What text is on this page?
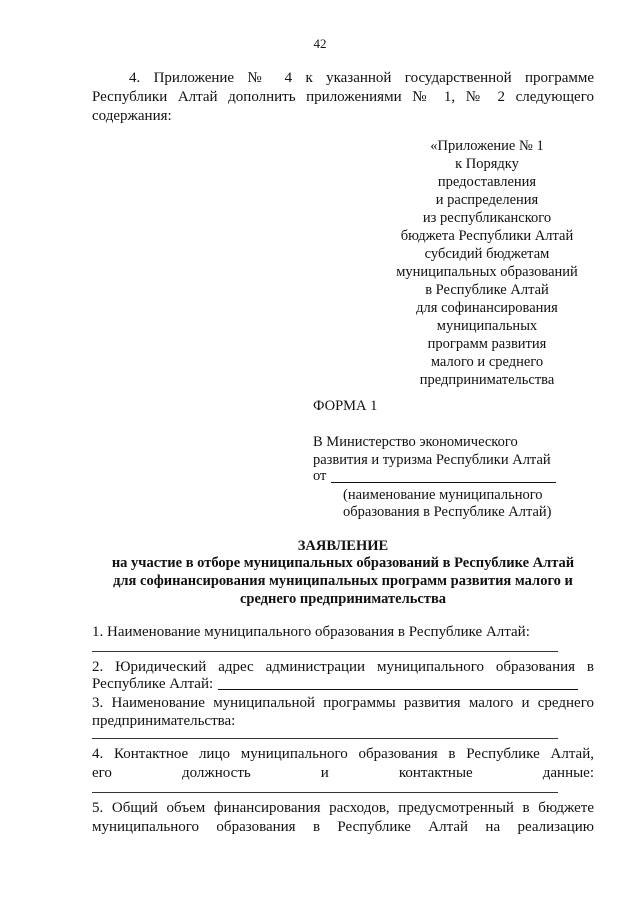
42
4. Приложение № 4 к указанной государственной программе
Республики Алтай дополнить приложениями № 1, № 2 следующего
содержания:
«Приложение № 1
к Порядку
предоставления
и распределения
из республиканского
бюджета Республики Алтай
субсидий бюджетам
муниципальных образований
в Республике Алтай
для софинансирования
муниципальных
программ развития
малого и среднего
предпринимательства
ФОРМА 1
В Министерство экономического
развития и туризма Республики Алтай
от
(наименование муниципального
образования в Республике Алтай)
ЗАЯВЛЕНИЕ
на участие в отборе муниципальных образований в Республике Алтай
для софинансирования муниципальных программ развития малого и
среднего предпринимательства
1. Наименование муниципального образования в Республике Алтай:
2. Юридический адрес администрации муниципального образования в
Республике Алтай:
3. Наименование муниципальной программы развития малого и среднего
предпринимательства:
4. Контактное лицо муниципального образования в Республике Алтай,
его должность и контактные данные:
5. Общий объем финансирования расходов, предусмотренный в бюджете
муниципального образования в Республике Алтай на реализацию
